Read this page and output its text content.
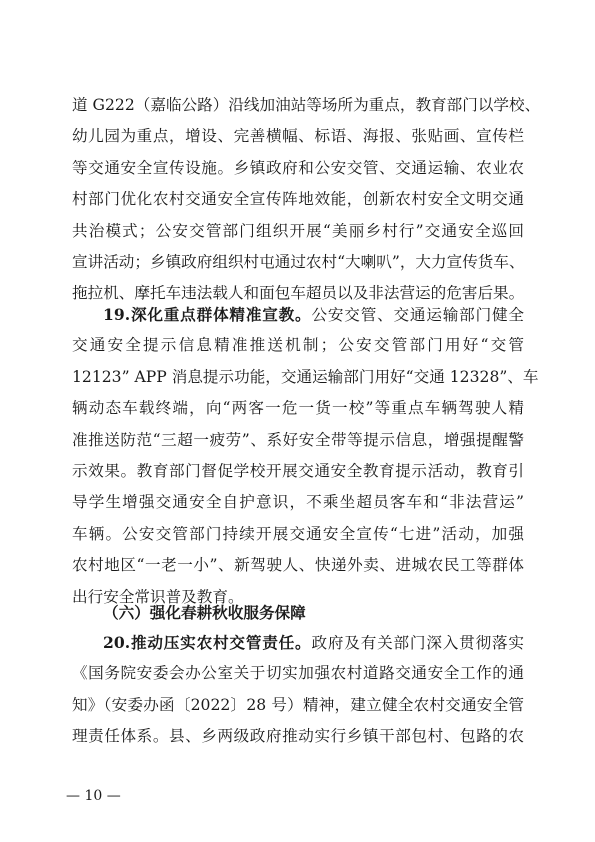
道 G222（嘉临公路）沿线加油站等场所为重点，教育部门以学校、
幼儿园为重点，增设、完善横幅、标语、海报、张贴画、宣传栏
等交通安全宣传设施。乡镇政府和公安交管、交通运输、农业农
村部门优化农村交通安全宣传阵地效能，创新农村安全文明交通
共治模式；公安交管部门组织开展“美丽乡村行”交通安全巡回
宣讲活动；乡镇政府组织村屯通过农村“大喇叭”，大力宣传货车、
拖拉机、摩托车违法载人和面包车超员以及非法营运的危害后果。
19.深化重点群体精准宣教。公安交管、交通运输部门健全
交通安全提示信息精准推送机制；公安交管部门用好“交管
12123” APP 消息提示功能，交通运输部门用好“交通 12328”、车
辆动态车载终端，向“两客一危一货一校”等重点车辆驾驶人精
准推送防范“三超一疲劳”、系好安全带等提示信息，增强提醒警
示效果。教育部门督促学校开展交通安全教育提示活动，教育引
导学生增强交通安全自护意识，不乘坐超员客车和“非法营运”
车辆。公安交管部门持续开展交通安全宣传“七进”活动，加强
农村地区“一老一小”、新驾驶人、快递外卖、进城农民工等群体
出行安全常识普及教育。
（六）强化春耕秋收服务保障
20.推动压实农村交管责任。政府及有关部门深入贯彻落实
《国务院安委会办公室关于切实加强农村道路交通安全工作的通
知》（安委办函〔2022〕28 号）精神，建立健全农村交通安全管
理责任体系。县、乡两级政府推动实行乡镇干部包村、包路的农
— 10 —
